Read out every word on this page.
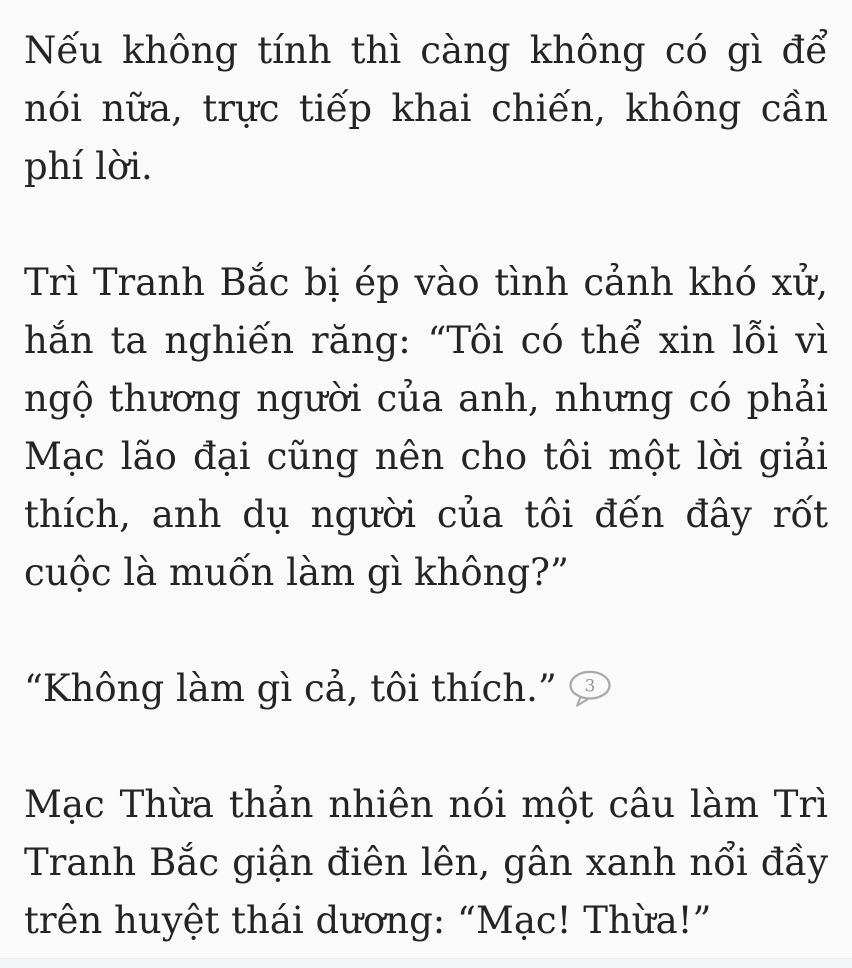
Nếu không tính thì càng không có gì để nói nữa, trực tiếp khai chiến, không cần phí lời.

Trì Tranh Bắc bị ép vào tình cảnh khó xử, hắn ta nghiến răng: “Tôi có thể xin lỗi vì ngộ thương người của anh, nhưng có phải Mạc lão đại cũng nên cho tôi một lời giải thích, anh dụ người của tôi đến đây rốt cuộc là muốn làm gì không?”

“Không làm gì cả, tôi thích.” 3

Mạc Thừa thản nhiên nói một câu làm Trì Tranh Bắc giận điên lên, gân xanh nổi đầy trên huyệt thái dương: “Mạc! Thừa!”
